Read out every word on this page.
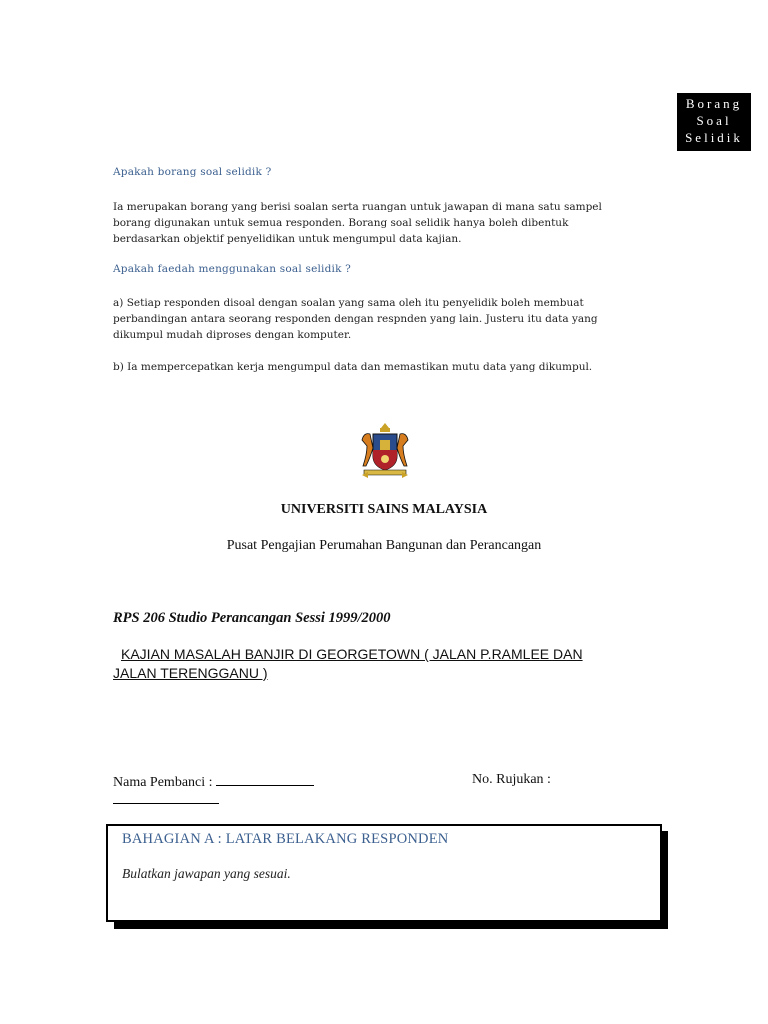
Borang
Soal
Selidik
Apakah borang soal selidik ?
Ia merupakan borang yang berisi soalan serta ruangan untuk jawapan di mana satu sampel
borang digunakan untuk semua responden. Borang soal selidik hanya boleh dibentuk
berdasarkan objektif penyelidikan untuk mengumpul data kajian.
Apakah faedah menggunakan soal selidik ?
a) Setiap responden disoal dengan soalan yang sama oleh itu penyelidik boleh membuat
perbandingan antara seorang responden dengan respnden yang lain. Justeru itu data yang
dikumpul mudah diproses dengan komputer.
b) Ia mempercepatkan kerja mengumpul data dan memastikan mutu data yang dikumpul.
UNIVERSITI SAINS MALAYSIA
Pusat Pengajian Perumahan Bangunan dan Perancangan
RPS 206 Studio Perancangan Sessi 1999/2000
KAJIAN MASALAH BANJIR DI GEORGETOWN ( JALAN P.RAMLEE DAN
JALAN TERENGGANU )
Nama Pembanci :	No. Rujukan :
BAHAGIAN A : LATAR BELAKANG RESPONDEN
Bulatkan jawapan yang sesuai.
